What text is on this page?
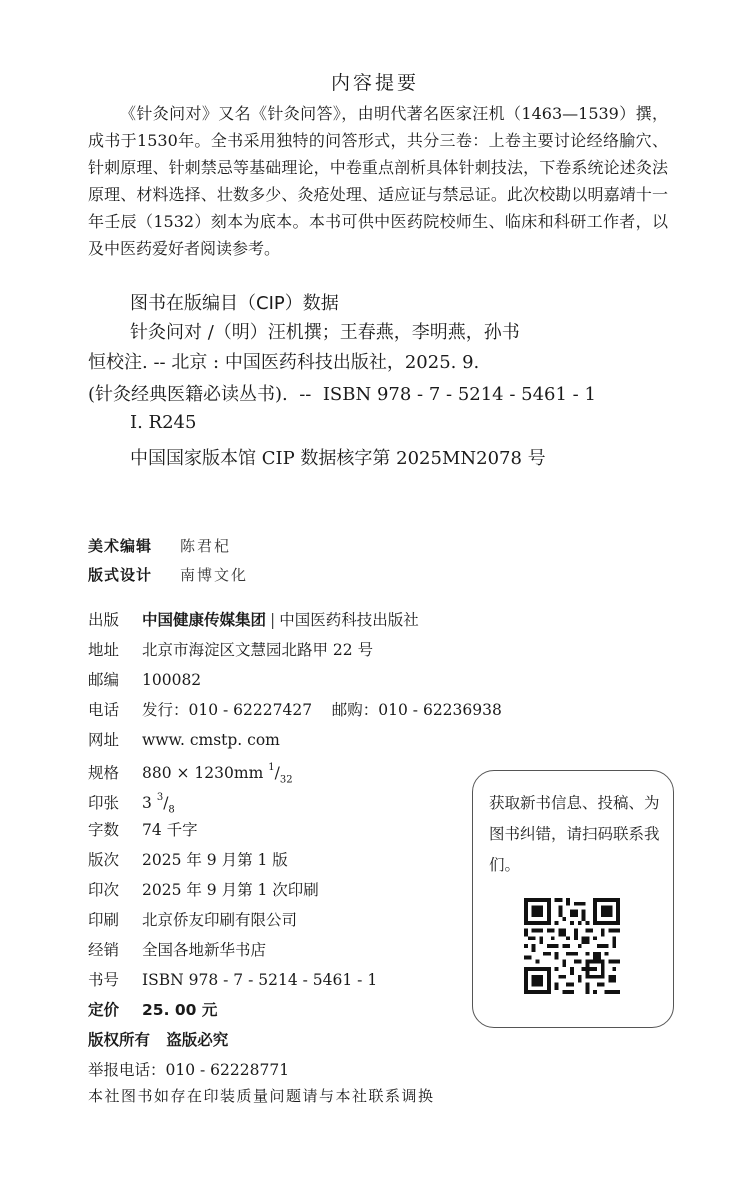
内容提要
《针灸问对》又名《针灸问答》，由明代著名医家汪机（1463—1539）撰，成书于1530年。全书采用独特的问答形式，共分三卷：上卷主要讨论经络腧穴、针刺原理、针刺禁忌等基础理论，中卷重点剖析具体针刺技法，下卷系统论述灸法原理、材料选择、壮数多少、灸疮处理、适应证与禁忌证。此次校勘以明嘉靖十一年壬辰（1532）刻本为底本。本书可供中医药院校师生、临床和科研工作者，以及中医药爱好者阅读参考。
图书在版编目（CIP）数据
针灸问对 /（明）汪机撰；王春燕，李明燕，孙书
恒校注. -- 北京 : 中国医药科技出版社，2025. 9.
(针灸经典医籍必读丛书).  --  ISBN 978 - 7 - 5214 - 5461 - 1
Ⅰ. R245
中国国家版本馆 CIP 数据核字第 2025MN2078 号
美术编辑 陈君杞
版式设计 南博文化
出版 中国健康传媒集团 | 中国医药科技出版社
地址 北京市海淀区文慧园北路甲 22 号
邮编 100082
电话 发行：010 - 62227427    邮购：010 - 62236938
网址 www. cmstp. com
规格 880 × 1230mm $^1/_{32}$
印张 3 $^3/_8$
字数 74 千字
版次 2025 年 9 月第 1 版
印次 2025 年 9 月第 1 次印刷
印刷 北京侨友印刷有限公司
经销 全国各地新华书店
书号 ISBN 978 - 7 - 5214 - 5461 - 1
定价 25. 00 元
版权所有   盗版必究
举报电话：010 - 62228771
本社图书如存在印装质量问题请与本社联系调换
获取新书信息、投稿、为图书纠错，请扫码联系我们。
